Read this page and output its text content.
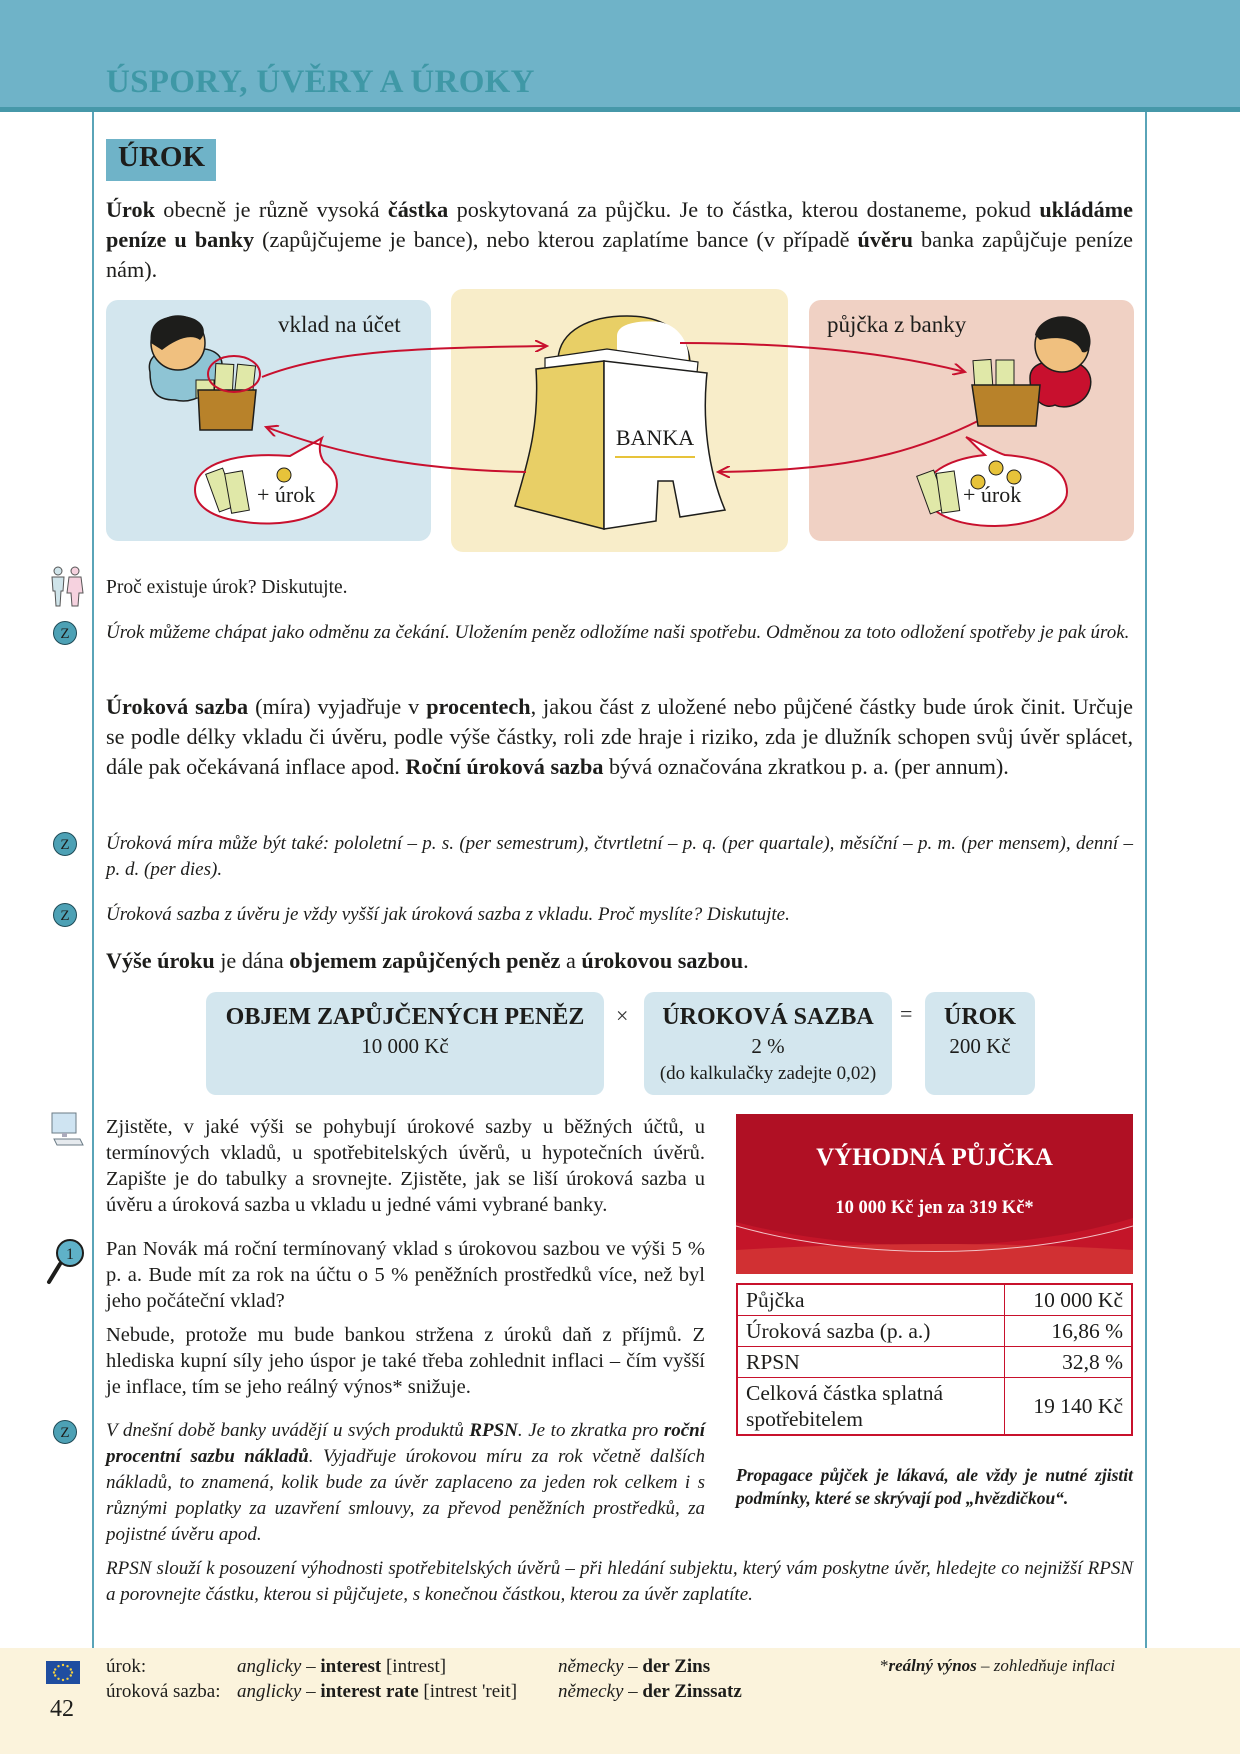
ÚSPORY, ÚVĚRY A ÚROKY
ÚROK
Úrok obecně je různě vysoká částka poskytovaná za půjčku. Je to částka, kterou dostaneme, pokud ukládáme peníze u banky (zapůjčujeme je bance), nebo kterou zaplatíme bance (v případě úvěru banka zapůjčuje peníze nám).
vklad na účet	půjčka z banky
BANKA
+ úrok	+ úrok
Proč existuje úrok? Diskutujte.
Z	Úrok můžeme chápat jako odměnu za čekání. Uložením peněz odložíme naši spotřebu. Odměnou za toto odložení spotřeby je pak úrok.
Úroková sazba (míra) vyjadřuje v procentech, jakou část z uložené nebo půjčené částky bude úrok činit. Určuje se podle délky vkladu či úvěru, podle výše částky, roli zde hraje i riziko, zda je dlužník schopen svůj úvěr splácet, dále pak očekávaná inflace apod. Roční úroková sazba bývá označována zkratkou p. a. (per annum).
Z	Úroková míra může být také: pololetní – p. s. (per semestrum), čtvrtletní – p. q. (per quartale), měsíční – p. m. (per mensem), denní – p. d. (per dies).
Z	Úroková sazba z úvěru je vždy vyšší jak úroková sazba z vkladu. Proč myslíte? Diskutujte.
Výše úroku je dána objemem zapůjčených peněz a úrokovou sazbou.
OBJEM ZAPŮJČENÝCH PENĚZ
10 000 Kč
×	ÚROKOVÁ SAZBA
2 %
(do kalkulačky zadejte 0,02)
=	ÚROK
200 Kč
Zjistěte, v jaké výši se pohybují úrokové sazby u běžných účtů, u termínových vkladů, u spotřebitelských úvěrů, u hypotečních úvěrů. Zapište je do tabulky a srovnejte. Zjistěte, jak se liší úroková sazba u úvěru a úroková sazba u vkladu u jedné vámi vybrané banky.
1 Pan Novák má roční termínovaný vklad s úrokovou sazbou ve výši 5 % p. a. Bude mít za rok na účtu o 5 % peněžních prostředků více, než byl jeho počáteční vklad?
Nebude, protože mu bude bankou stržena z úroků daň z příjmů. Z hlediska kupní síly jeho úspor je také třeba zohlednit inflaci – čím vyšší je inflace, tím se jeho reálný výnos* snižuje.
Z	V dnešní době banky uvádějí u svých produktů RPSN. Je to zkratka pro roční procentní sazbu nákladů. Vyjadřuje úrokovou míru za rok včetně dalších nákladů, to znamená, kolik bude za úvěr zaplaceno za jeden rok celkem i s různými poplatky za uzavření smlouvy, za převod peněžních prostředků, za pojistné úvěru apod.
RPSN slouží k posouzení výhodnosti spotřebitelských úvěrů – při hledání subjektu, který vám poskytne úvěr, hledejte co nejnižší RPSN a porovnejte částku, kterou si půjčujete, s konečnou částkou, kterou za úvěr zaplatíte.
VÝHODNÁ PŮJČKA
10 000 Kč jen za 319 Kč*
Půjčka	10 000 Kč
Úroková sazba (p. a.)	16,86 %
RPSN	32,8 %
Celková částka splatná spotřebitelem	19 140 Kč
Propagace půjček je lákavá, ale vždy je nutné zjistit podmínky, které se skrývají pod „hvězdičkou“.
42
úrok:	anglicky – interest [intrest]	německy – der Zins
úroková sazba: anglicky – interest rate [intrest 'reit] německy – der Zinssatz
*reálný výnos – zohledňuje inflaci
